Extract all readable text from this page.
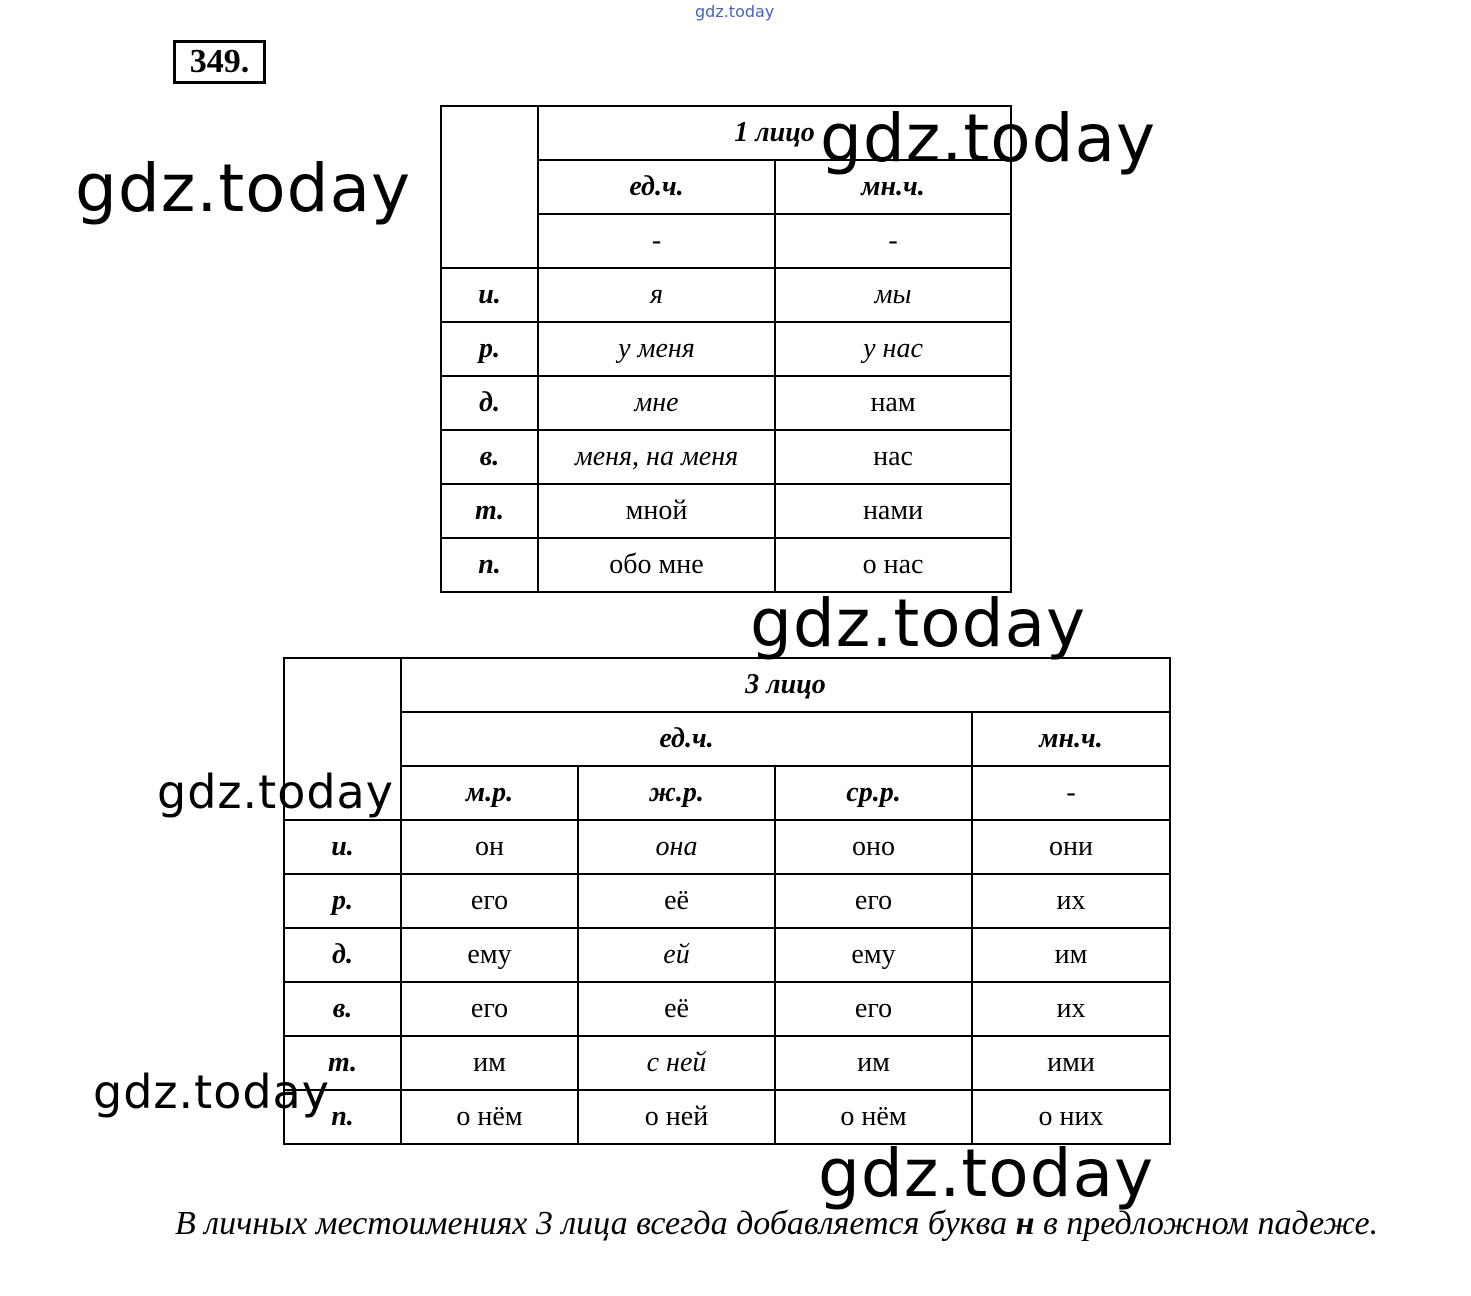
gdz.today
349.
	1 лицо	
	ед.ч.	мн.ч.
	-	-
и.	я	мы
р.	у меня	у нас
д.	мне	нам
в.	меня, на меня	нас
т.	мной	нами
п.	обо мне	о нас
	3 лицо			
	ед.ч.			мн.ч.
	м.р.	ж.р.	ср.р.	-
и.	он	она	оно	они
р.	его	её	его	их
д.	ему	ей	ему	им
в.	его	её	его	их
т.	им	с ней	им	ими
п.	о нём	о ней	о нём	о них
gdz.today
gdz.today
gdz.today
gdz.today
gdz.today
gdz.today
В личных местоимениях 3 лица всегда добавляется буква н в предложном падеже.
